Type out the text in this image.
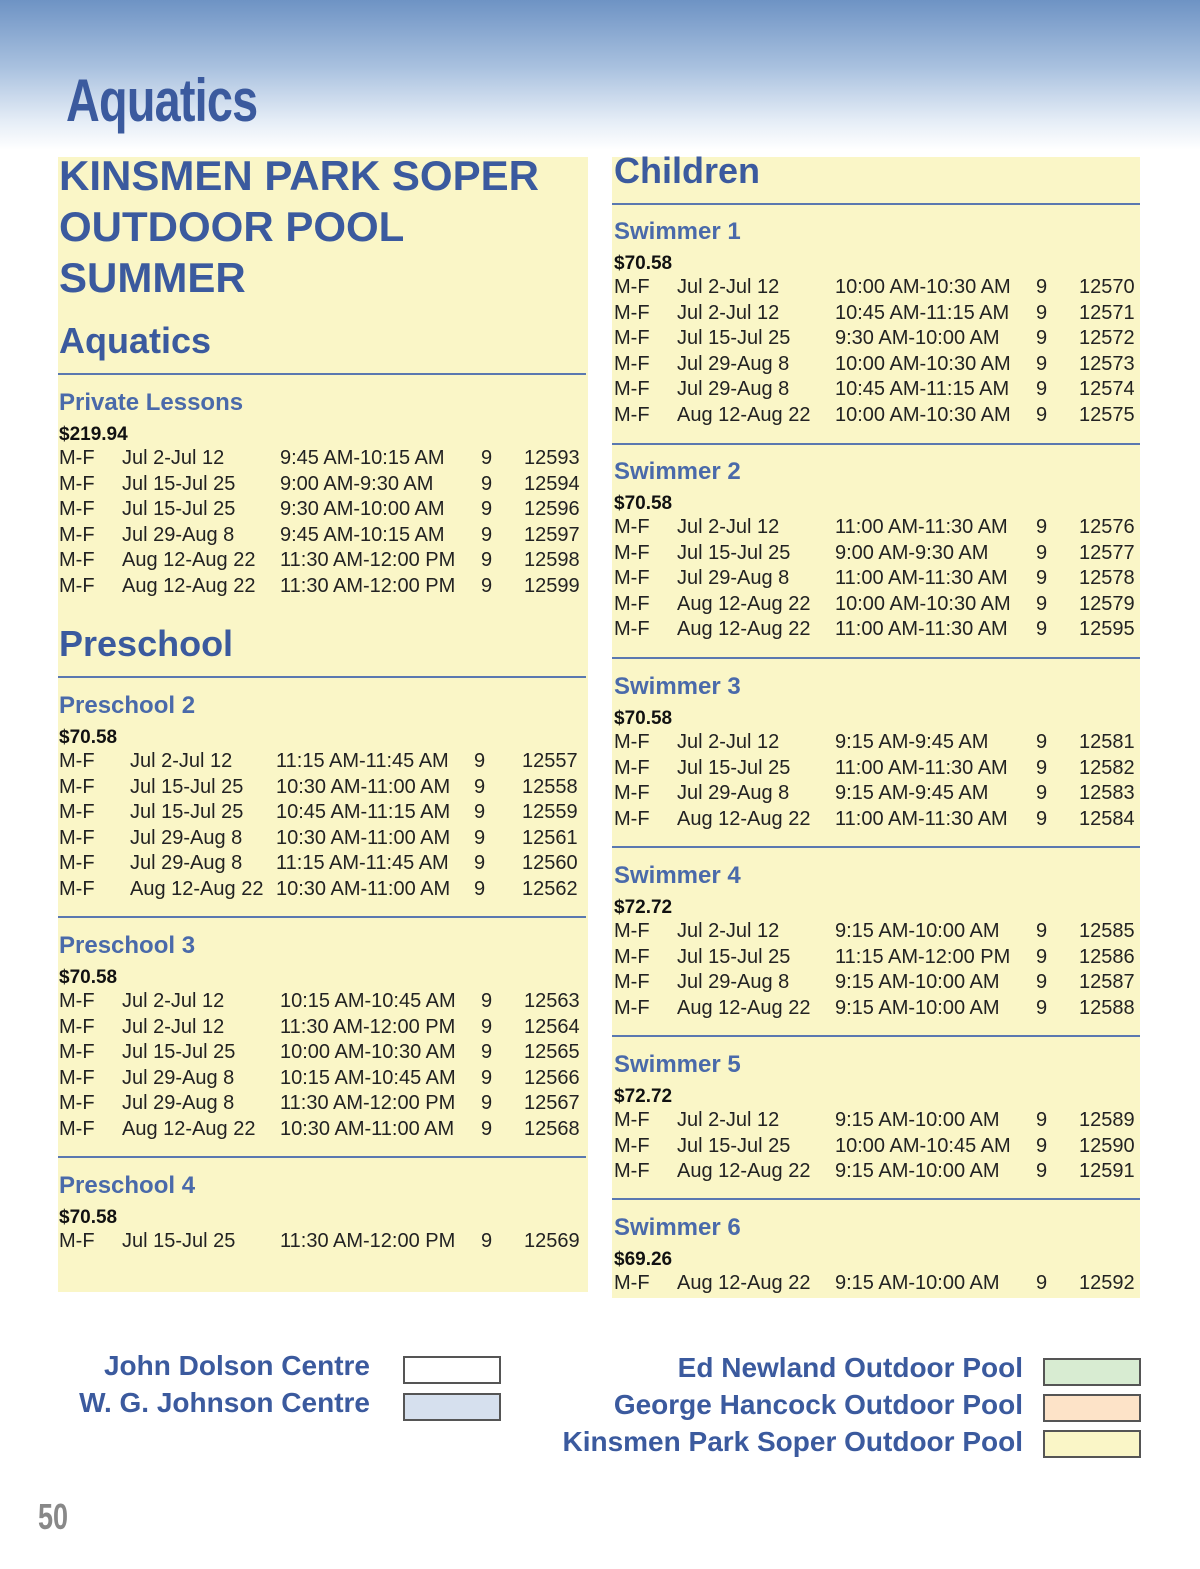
Aquatics
KINSMEN PARK SOPER
OUTDOOR POOL
SUMMER
Aquatics
Private Lessons
$219.94
Preschool
Preschool 2
$70.58
Preschool 3
$70.58
Preschool 4
$70.58
Children
Swimmer 1
$70.58
Swimmer 2
$70.58
Swimmer 3
$70.58
Swimmer 4
$72.72
Swimmer 5
$72.72
Swimmer 6
$69.26
John Dolson Centre
W. G. Johnson Centre
Ed Newland Outdoor Pool
George Hancock Outdoor Pool
Kinsmen Park Soper Outdoor Pool
50
M-F Jul 2-Jul 12	9:45 AM-10:15 AM 9 12593
M-F Jul 15-Jul 25 9:00 AM-9:30 AM 9 12594
M-F Jul 15-Jul 25 9:30 AM-10:00 AM 9 12596
M-F Jul 29-Aug 8 9:45 AM-10:15 AM 9 12597
M-F Aug 12-Aug 22 11:30 AM-12:00 PM 9 12598
M-F Aug 12-Aug 22 11:30 AM-12:00 PM 9 12599
M-F Jul 2-Jul 12 11:15 AM-11:45 AM 9 12557
M-F Jul 15-Jul 25 10:30 AM-11:00 AM 9 12558
M-F Jul 15-Jul 25 10:45 AM-11:15 AM 9 12559
M-F Jul 29-Aug 8 10:30 AM-11:00 AM 9 12561
M-F Jul 29-Aug 8 11:15 AM-11:45 AM 9 12560
M-F Aug 12-Aug 22 10:30 AM-11:00 AM 9 12562
M-F Jul 2-Jul 12	10:15 AM-10:45 AM 9 12563
M-F Jul 2-Jul 12	11:30 AM-12:00 PM 9 12564
M-F Jul 15-Jul 25 10:00 AM-10:30 AM 9 12565
M-F Jul 29-Aug 8 10:15 AM-10:45 AM 9 12566
M-F Jul 29-Aug 8 11:30 AM-12:00 PM 9 12567
M-F Aug 12-Aug 22 10:30 AM-11:00 AM 9 12568
M-F Jul 15-Jul 25 11:30 AM-12:00 PM 9 12569
M-F Jul 2-Jul 12	10:00 AM-10:30 AM 9 12570
M-F Jul 2-Jul 12	10:45 AM-11:15 AM 9 12571
M-F Jul 15-Jul 25 9:30 AM-10:00 AM 9 12572
M-F Jul 29-Aug 8 10:00 AM-10:30 AM 9 12573
M-F Jul 29-Aug 8 10:45 AM-11:15 AM 9 12574
M-F Aug 12-Aug 22 10:00 AM-10:30 AM 9 12575
M-F Jul 2-Jul 12	11:00 AM-11:30 AM 9 12576
M-F Jul 15-Jul 25 9:00 AM-9:30 AM 9 12577
M-F Jul 29-Aug 8 11:00 AM-11:30 AM 9 12578
M-F Aug 12-Aug 22 10:00 AM-10:30 AM 9 12579
M-F Aug 12-Aug 22 11:00 AM-11:30 AM 9 12595
M-F Jul 2-Jul 12	9:15 AM-9:45 AM 9 12581
M-F Jul 15-Jul 25 11:00 AM-11:30 AM 9 12582
M-F Jul 29-Aug 8 9:15 AM-9:45 AM 9 12583
M-F Aug 12-Aug 22 11:00 AM-11:30 AM 9 12584
M-F Jul 2-Jul 12	9:15 AM-10:00 AM 9 12585
M-F Jul 15-Jul 25 11:15 AM-12:00 PM 9 12586
M-F Jul 29-Aug 8 9:15 AM-10:00 AM 9 12587
M-F Aug 12-Aug 22 9:15 AM-10:00 AM 9 12588
M-F Jul 2-Jul 12	9:15 AM-10:00 AM 9 12589
M-F Jul 15-Jul 25 10:00 AM-10:45 AM 9 12590
M-F Aug 12-Aug 22 9:15 AM-10:00 AM 9 12591
M-F Aug 12-Aug 22 9:15 AM-10:00 AM 9 12592
